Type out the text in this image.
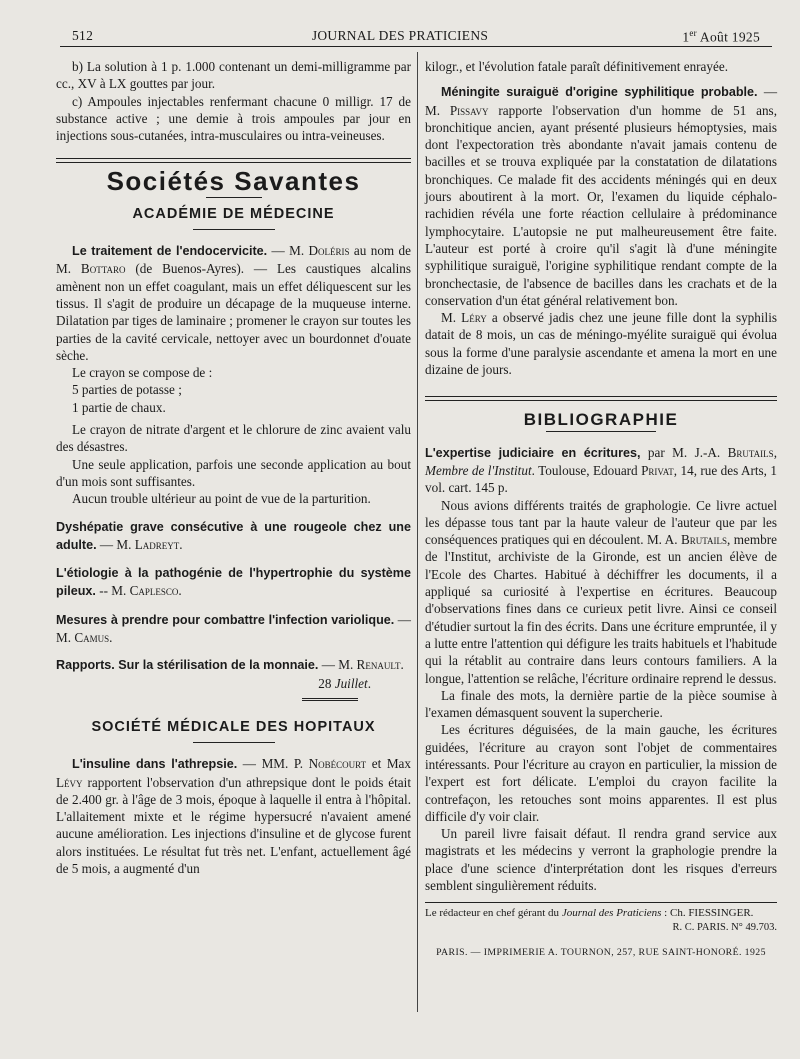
512	JOURNAL DES PRATICIENS	1er Août 1925

b) La solution à 1 p. 1.000 contenant un demi-milligramme par cc., XV à LX gouttes par jour.

c) Ampoules injectables renfermant chacune 0 milligr. 17 de substance active ; une demie à trois ampoules par jour en injections sous-cutanées, intra-musculaires ou intra-veineuses.

Sociétés Savantes
ACADÉMIE DE MÉDECINE

Le traitement de l'endocervicite. — M. Doléris au nom de M. Bottaro (de Buenos-Ayres). — Les caustiques alcalins amènent non un effet coagulant, mais un effet déliquescent sur les tissus. Il s'agit de produire un décapage de la muqueuse interne. Dilatation par tiges de laminaire ; promener le crayon sur toutes les parties de la cavité cervicale, nettoyer avec un bourdonnet d'ouate sèche.

Le crayon se compose de :

5 parties de potasse ;

1 partie de chaux.

Le crayon de nitrate d'argent et le chlorure de zinc avaient valu des désastres.

Une seule application, parfois une seconde application au bout d'un mois sont suffisantes.

Aucun trouble ultérieur au point de vue de la parturition.

Dyshépatie grave consécutive à une rougeole chez une adulte. — M. Ladreyt.

L'étiologie à la pathogénie de l'hypertrophie du système pileux. -- M. Caplesco.

Mesures à prendre pour combattre l'infection variolique. — M. Camus.

Rapports. Sur la stérilisation de la monnaie. — M. Renault.

28 Juillet.

SOCIÉTÉ MÉDICALE DES HOPITAUX

L'insuline dans l'athrepsie. — MM. P. Nobécourt et Max Lévy rapportent l'observation d'un athrepsique dont le poids était de 2.400 gr. à l'âge de 3 mois, époque à laquelle il entra à l'hôpital. L'allaitement mixte et le régime hypersucré n'avaient amené aucune amélioration. Les injections d'insuline et de glycose furent alors instituées. Le résultat fut très net. L'enfant, actuellement âgé de 5 mois, a augmenté d'un

kilogr., et l'évolution fatale paraît définitivement enrayée.

Méningite suraiguë d'origine syphilitique probable. — M. Pissavy rapporte l'observation d'un homme de 51 ans, bronchitique ancien, ayant présenté plusieurs hémoptysies, mais dont l'expectoration très abondante n'avait jamais contenu de bacilles et se trouva expliquée par la constatation de dilatations bronchiques. Ce malade fit des accidents méningés qui en deux jours aboutirent à la mort. Or, l'examen du liquide céphalo-rachidien révéla une forte réaction cellulaire à prédominance lymphocytaire. L'autopsie ne put malheureusement être faite. L'auteur est porté à croire qu'il s'agit là d'une méningite syphilitique suraiguë, l'origine syphilitique rendant compte de la bronchectasie, de l'absence de bacilles dans les crachats et de la conservation d'un état général relativement bon.

M. Léry a observé jadis chez une jeune fille dont la syphilis datait de 8 mois, un cas de méningo-myélite suraiguë qui évolua sous la forme d'une paralysie ascendante et amena la mort en une dizaine de jours.

BIBLIOGRAPHIE

L'expertise judiciaire en écritures, par M. J.-A. Brutails, Membre de l'Institut. Toulouse, Edouard Privat, 14, rue des Arts, 1 vol. cart. 145 p.

Nous avions différents traités de graphologie. Ce livre actuel les dépasse tous tant par la haute valeur de l'auteur que par les conséquences pratiques qui en découlent. M. A. Brutails, membre de l'Institut, archiviste de la Gironde, est un ancien élève de l'Ecole des Chartes. Habitué à déchiffrer les documents, il a appliqué sa curiosité à l'expertise en écritures. Beaucoup d'observations fines dans ce curieux petit livre. Ainsi ce conseil d'étudier surtout la fin des écrits. Dans une écriture empruntée, il y a lutte entre l'attention qui défigure les traits habituels et l'habitude qui la rétablit au contraire dans leurs contours familiers. A la longue, l'attention se relâche, l'écriture ordinaire reprend le dessus.

La finale des mots, la dernière partie de la pièce soumise à l'examen démasquent souvent la supercherie.

Les écritures déguisées, de la main gauche, les écritures guidées, l'écriture au crayon sont l'objet de commentaires intéressants. Pour l'écriture au crayon en particulier, la mission de l'expert est fort délicate. L'emploi du crayon facilite la contrefaçon, les retouches sont moins apparentes. Il est plus difficile d'y voir clair.

Un pareil livre faisait défaut. Il rendra grand service aux magistrats et les médecins y verront la graphologie prendre la place d'une science d'interprétation dont les risques d'erreurs semblent singulièrement réduits.

Le rédacteur en chef gérant du Journal des Praticiens : Ch. FIESSINGER.
R. C. PARIS. N° 49.703.
PARIS. — IMPRIMERIE A. TOURNON, 257, RUE SAINT-HONORÉ. 1925
